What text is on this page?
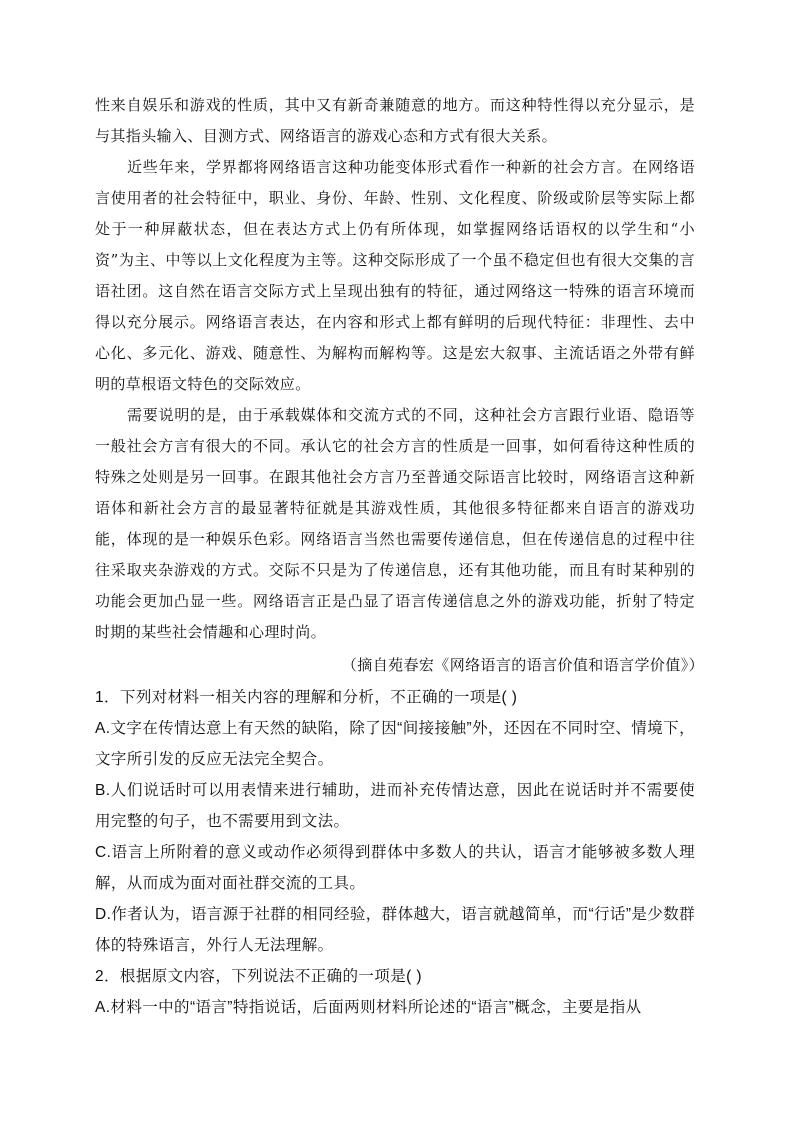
性来自娱乐和游戏的性质，其中又有新奇兼随意的地方。而这种特性得以充分显示，是与其指头输入、目测方式、网络语言的游戏心态和方式有很大关系。

近些年来，学界都将网络语言这种功能变体形式看作一种新的社会方言。在网络语言使用者的社会特征中，职业、身份、年龄、性别、文化程度、阶级或阶层等实际上都处于一种屏蔽状态，但在表达方式上仍有所体现，如掌握网络话语权的以学生和“小资”为主、中等以上文化程度为主等。这种交际形成了一个虽不稳定但也有很大交集的言语社团。这自然在语言交际方式上呈现出独有的特征，通过网络这一特殊的语言环境而得以充分展示。网络语言表达，在内容和形式上都有鲜明的后现代特征：非理性、去中心化、多元化、游戏、随意性、为解构而解构等。这是宏大叙事、主流话语之外带有鲜明的草根语文特色的交际效应。

需要说明的是，由于承载媒体和交流方式的不同，这种社会方言跟行业语、隐语等一般社会方言有很大的不同。承认它的社会方言的性质是一回事，如何看待这种性质的特殊之处则是另一回事。在跟其他社会方言乃至普通交际语言比较时，网络语言这种新语体和新社会方言的最显著特征就是其游戏性质，其他很多特征都来自语言的游戏功能，体现的是一种娱乐色彩。网络语言当然也需要传递信息，但在传递信息的过程中往往采取夹杂游戏的方式。交际不只是为了传递信息，还有其他功能，而且有时某种别的功能会更加凸显一些。网络语言正是凸显了语言传递信息之外的游戏功能，折射了特定时期的某些社会情趣和心理时尚。

（摘自苑春宏《网络语言的语言价值和语言学价值》）

1．下列对材料一相关内容的理解和分析，不正确的一项是( )

A.文字在传情达意上有天然的缺陷，除了因“间接接触”外，还因在不同时空、情境下，文字所引发的反应无法完全契合。

B.人们说话时可以用表情来进行辅助，进而补充传情达意，因此在说话时并不需要使用完整的句子，也不需要用到文法。

C.语言上所附着的意义或动作必须得到群体中多数人的共认，语言才能够被多数人理解，从而成为面对面社群交流的工具。

D.作者认为，语言源于社群的相同经验，群体越大，语言就越简单，而“行话”是少数群体的特殊语言，外行人无法理解。

2．根据原文内容，下列说法不正确的一项是( )

A.材料一中的“语言”特指说话，后面两则材料所论述的“语言”概念，主要是指从
